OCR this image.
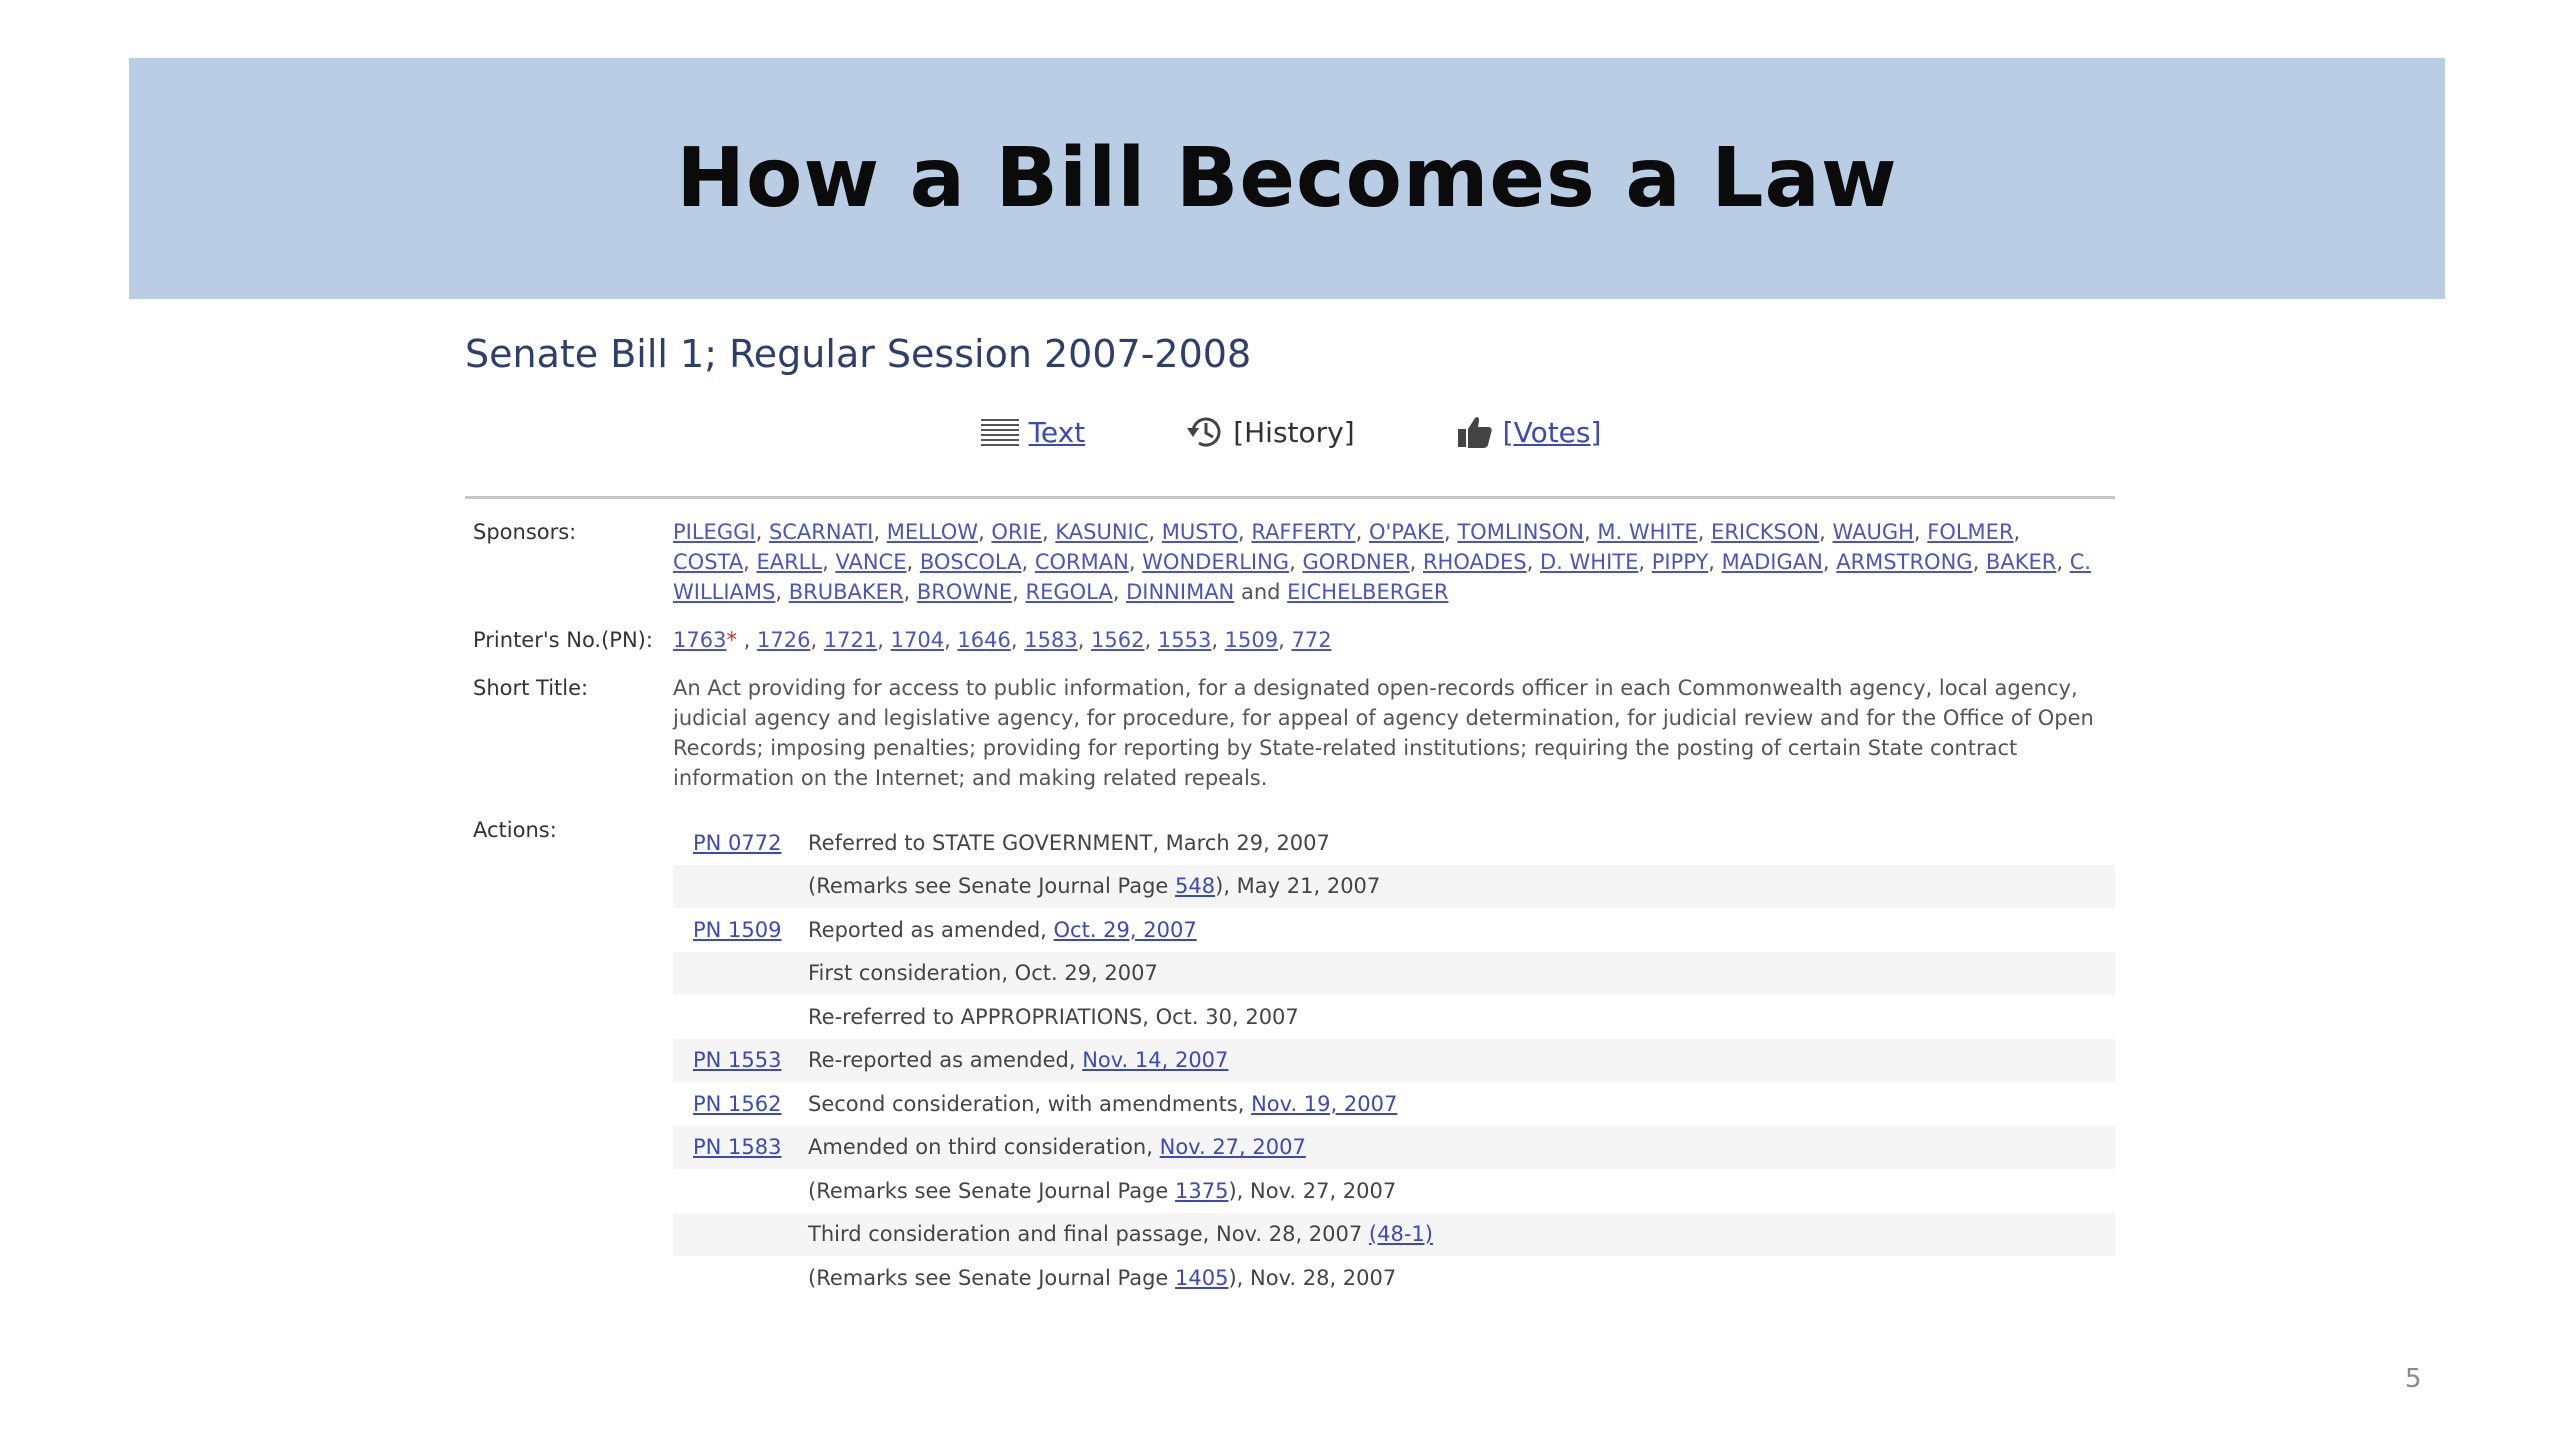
How a Bill Becomes a Law
Senate Bill 1; Regular Session 2007-2008
Text	[History]	[Votes]
Sponsors:	PILEGGI, SCARNATI, MELLOW, ORIE, KASUNIC, MUSTO, RAFFERTY, O'PAKE, TOMLINSON, M. WHITE, ERICKSON, WAUGH, FOLMER, COSTA, EARLL, VANCE, BOSCOLA, CORMAN, WONDERLING, GORDNER, RHOADES, D. WHITE, PIPPY, MADIGAN, ARMSTRONG, BAKER, C. WILLIAMS, BRUBAKER, BROWNE, REGOLA, DINNIMAN and EICHELBERGER
Printer's No.(PN): 1763* , 1726, 1721, 1704, 1646, 1583, 1562, 1553, 1509, 772
Short Title:	An Act providing for access to public information, for a designated open-records officer in each Commonwealth agency, local agency, judicial agency and legislative agency, for procedure, for appeal of agency determination, for judicial review and for the Office of Open Records; imposing penalties; providing for reporting by State-related institutions; requiring the posting of certain State contract information on the Internet; and making related repeals.
Actions:
PN 0772	Referred to STATE GOVERNMENT, March 29, 2007
	(Remarks see Senate Journal Page 548), May 21, 2007
PN 1509	Reported as amended, Oct. 29, 2007
	First consideration, Oct. 29, 2007
	Re-referred to APPROPRIATIONS, Oct. 30, 2007
PN 1553	Re-reported as amended, Nov. 14, 2007
PN 1562	Second consideration, with amendments, Nov. 19, 2007
PN 1583	Amended on third consideration, Nov. 27, 2007
	(Remarks see Senate Journal Page 1375), Nov. 27, 2007
	Third consideration and final passage, Nov. 28, 2007 (48-1)
	(Remarks see Senate Journal Page 1405), Nov. 28, 2007
5
